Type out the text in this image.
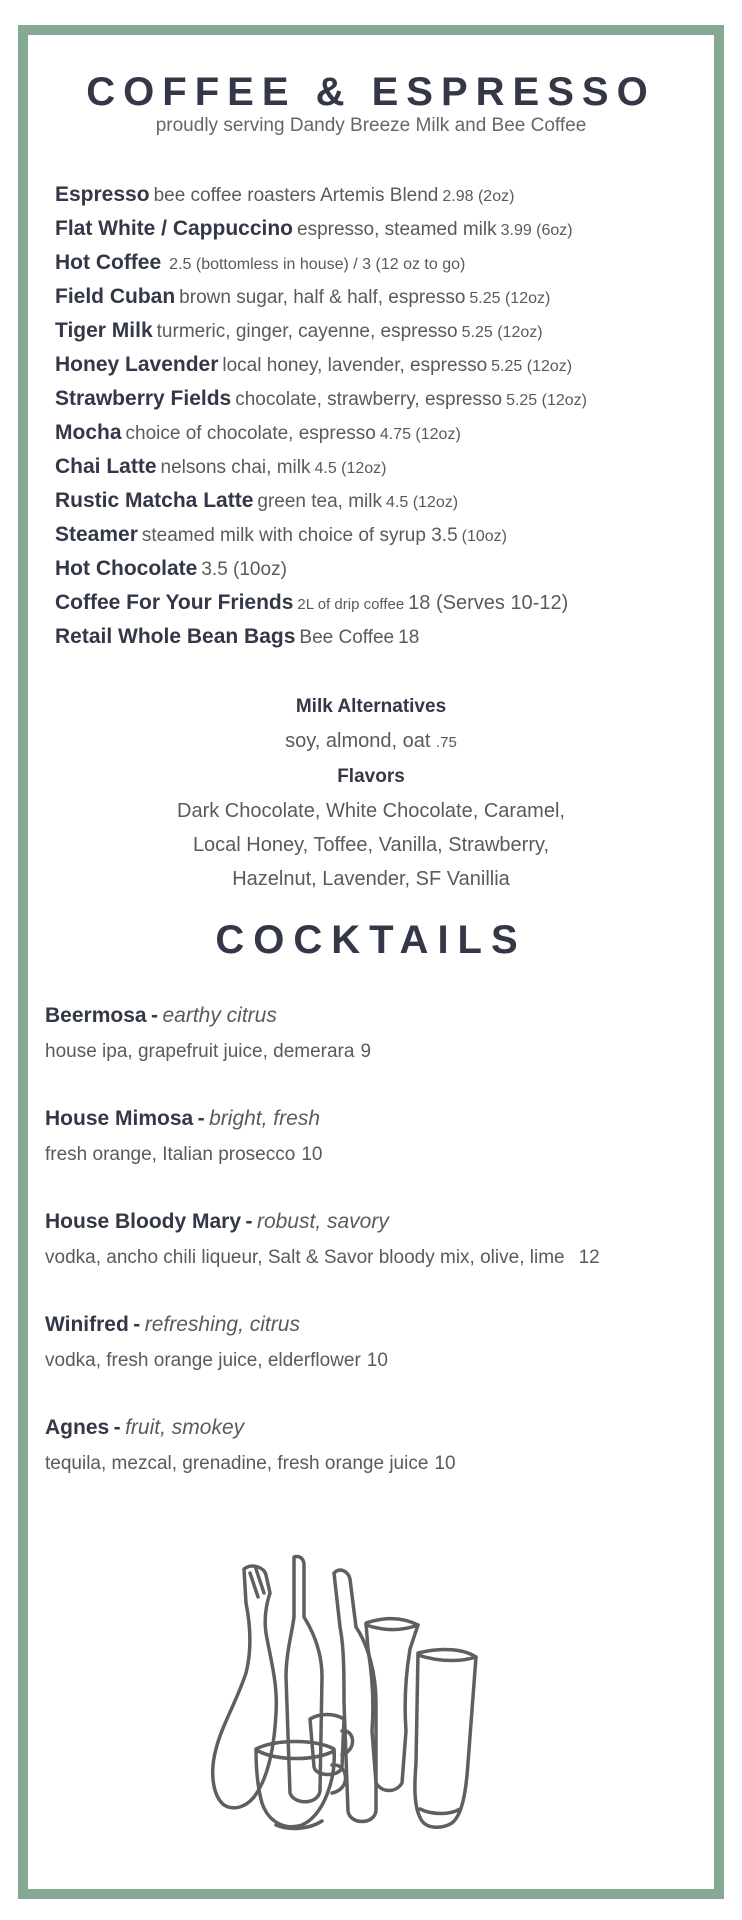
COFFEE & ESPRESSO
proudly serving Dandy Breeze Milk and Bee Coffee
Espresso bee coffee roasters Artemis Blend 2.98 (2oz)
Flat White / Cappuccino espresso, steamed milk 3.99 (6oz)
Hot Coffee 2.5 (bottomless in house) / 3 (12 oz to go)
Field Cuban brown sugar, half & half, espresso 5.25 (12oz)
Tiger Milk turmeric, ginger, cayenne, espresso 5.25 (12oz)
Honey Lavender local honey, lavender, espresso 5.25 (12oz)
Strawberry Fields chocolate, strawberry, espresso 5.25 (12oz)
Mocha choice of chocolate, espresso 4.75 (12oz)
Chai Latte nelsons chai, milk 4.5 (12oz)
Rustic Matcha Latte green tea, milk 4.5 (12oz)
Steamer steamed milk with choice of syrup 3.5 (10oz)
Hot Chocolate 3.5 (10oz)
Coffee For Your Friends 2L of drip coffee 18 (Serves 10-12)
Retail Whole Bean Bags Bee Coffee 18
Milk Alternatives
soy, almond, oat .75
Flavors
Dark Chocolate, White Chocolate, Caramel,
Local Honey, Toffee, Vanilla, Strawberry,
Hazelnut, Lavender, SF Vanillia
COCKTAILS
Beermosa - earthy citrus
house ipa, grapefruit juice, demerara 9
House Mimosa - bright, fresh
fresh orange, Italian prosecco 10
House Bloody Mary - robust, savory
vodka, ancho chili liqueur, Salt & Savor bloody mix, olive, lime 12
Winifred - refreshing, citrus
vodka, fresh orange juice, elderflower 10
Agnes - fruit, smokey
tequila, mezcal, grenadine, fresh orange juice 10
